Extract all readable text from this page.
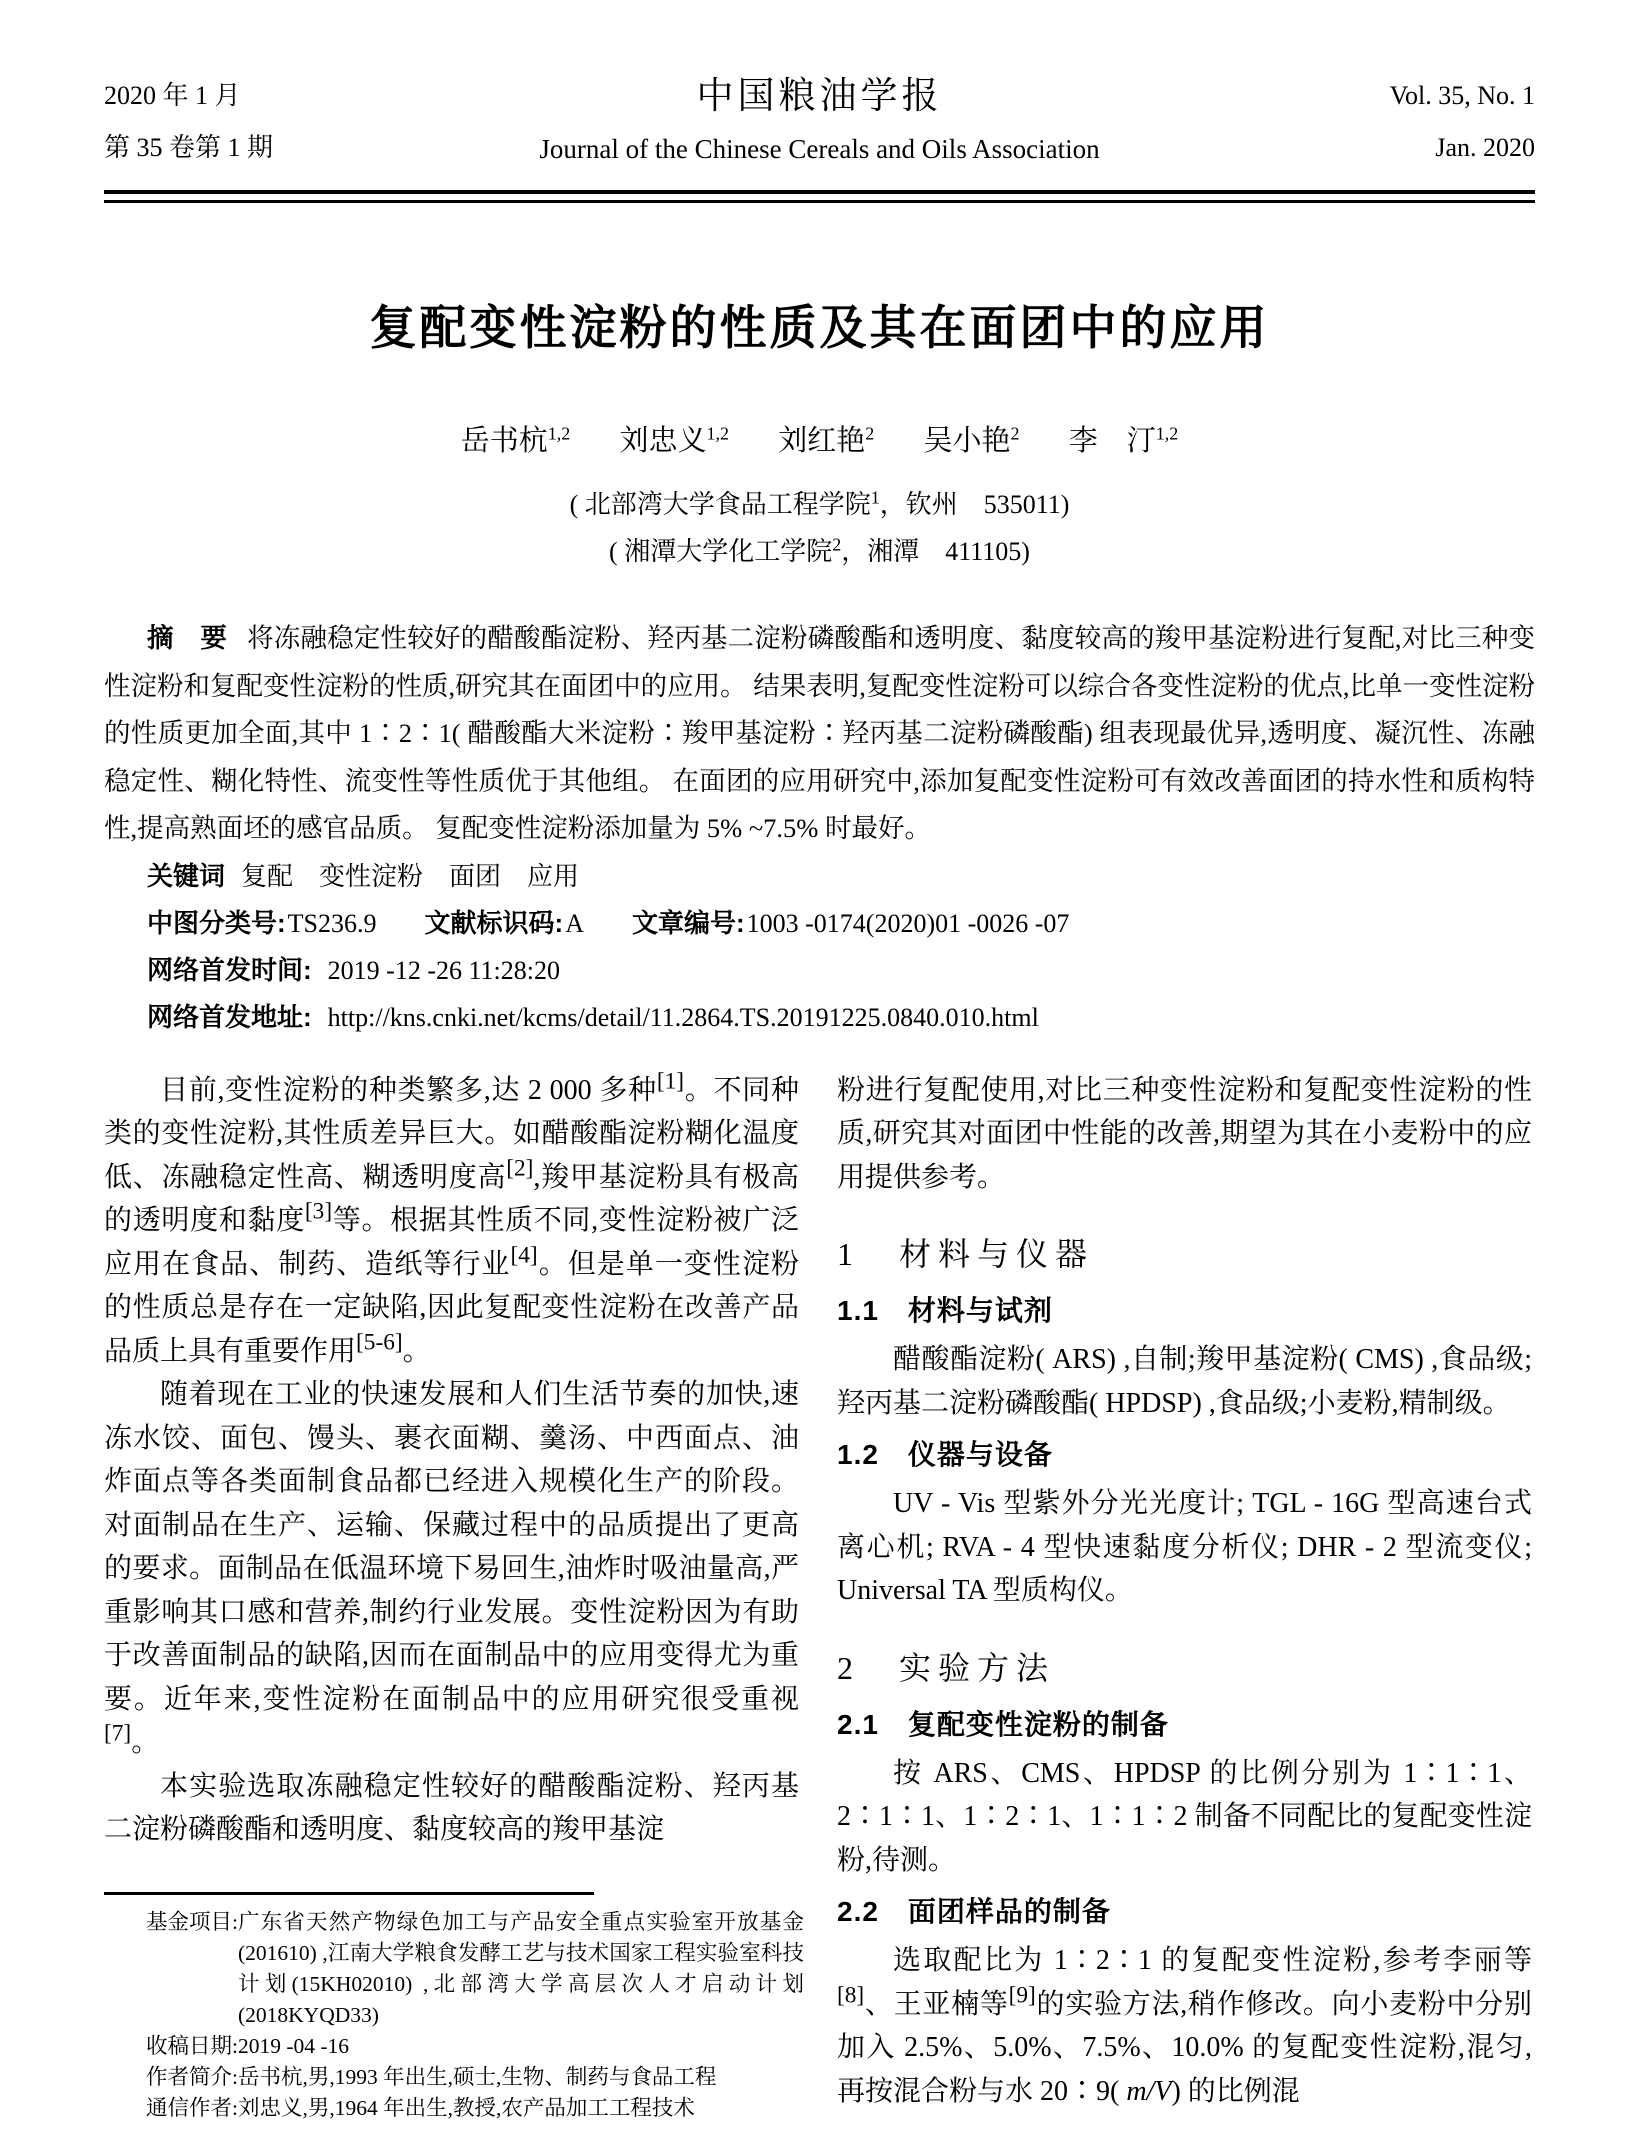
2020 年 1 月
第 35 卷第 1 期
中国粮油学报
Journal of the Chinese Cereals and Oils Association
Vol. 35, No. 1
Jan. 2020
复配变性淀粉的性质及其在面团中的应用
岳书杭$^{1,2}$ 刘忠义$^{1,2}$ 刘红艳$^2$ 吴小艳$^2$ 李　汀$^{1,2}$
( 北部湾大学食品工程学院$^1$，钦州　535011)
( 湘潭大学化工学院$^2$，湘潭　411105)

摘　要 将冻融稳定性较好的醋酸酯淀粉、羟丙基二淀粉磷酸酯和透明度、黏度较高的羧甲基淀粉进行复配,对比三种变性淀粉和复配变性淀粉的性质,研究其在面团中的应用。 结果表明,复配变性淀粉可以综合各变性淀粉的优点,比单一变性淀粉的性质更加全面,其中 1∶2∶1( 醋酸酯大米淀粉∶羧甲基淀粉∶羟丙基二淀粉磷酸酯) 组表现最优异,透明度、凝沉性、冻融稳定性、糊化特性、流变性等性质优于其他组。 在面团的应用研究中,添加复配变性淀粉可有效改善面团的持水性和质构特性,提高熟面坯的感官品质。 复配变性淀粉添加量为 5% ~7.5% 时最好。

关键词 复配　变性淀粉　面团　应用

中图分类号:TS236.9 文献标识码:A 文章编号:1003 -0174(2020)01 -0026 -07

网络首发时间: 2019 -12 -26 11:28:20

网络首发地址: http://kns.cnki.net/kcms/detail/11.2864.TS.20191225.0840.010.html

目前,变性淀粉的种类繁多,达 2 000 多种[1]。不同种类的变性淀粉,其性质差异巨大。如醋酸酯淀粉糊化温度低、冻融稳定性高、糊透明度高[2],羧甲基淀粉具有极高的透明度和黏度[3]等。根据其性质不同,变性淀粉被广泛应用在食品、制药、造纸等行业[4]。但是单一变性淀粉的性质总是存在一定缺陷,因此复配变性淀粉在改善产品品质上具有重要作用[5-6]。

随着现在工业的快速发展和人们生活节奏的加快,速冻水饺、面包、馒头、裹衣面糊、羹汤、中西面点、油炸面点等各类面制食品都已经进入规模化生产的阶段。对面制品在生产、运输、保藏过程中的品质提出了更高的要求。面制品在低温环境下易回生,油炸时吸油量高,严重影响其口感和营养,制约行业发展。变性淀粉因为有助于改善面制品的缺陷,因而在面制品中的应用变得尤为重要。近年来,变性淀粉在面制品中的应用研究很受重视[7]。

本实验选取冻融稳定性较好的醋酸酯淀粉、羟丙基二淀粉磷酸酯和透明度、黏度较高的羧甲基淀

粉进行复配使用,对比三种变性淀粉和复配变性淀粉的性质,研究其对面团中性能的改善,期望为其在小麦粉中的应用提供参考。

1　材料与仪器
1.1　材料与试剂

醋酸酯淀粉( ARS) ,自制;羧甲基淀粉( CMS) ,食品级;羟丙基二淀粉磷酸酯( HPDSP) ,食品级;小麦粉,精制级。

1.2　仪器与设备

UV - Vis 型紫外分光光度计; TGL - 16G 型高速台式离心机; RVA - 4 型快速黏度分析仪; DHR - 2 型流变仪; Universal TA 型质构仪。

2　实验方法
2.1　复配变性淀粉的制备

按 ARS、CMS、HPDSP 的比例分别为 1∶1∶1、2∶1∶1、1∶2∶1、1∶1∶2 制备不同配比的复配变性淀粉,待测。

2.2　面团样品的制备

选取配比为 1∶2∶1 的复配变性淀粉,参考李丽等[8]、王亚楠等[9]的实验方法,稍作修改。向小麦粉中分别加入 2.5%、5.0%、7.5%、10.0% 的复配变性淀粉,混匀,再按混合粉与水 20∶9( m/V) 的比例混

基金项目: 广东省天然产物绿色加工与产品安全重点实验室开放基金(201610) ,江南大学粮食发酵工艺与技术国家工程实验室科技计划(15KH02010) ,北部湾大学高层次人才启动计划(2018KYQD33)
收稿日期: 2019 -04 -16
作者简介: 岳书杭,男,1993 年出生,硕士,生物、制药与食品工程
通信作者: 刘忠义,男,1964 年出生,教授,农产品加工工程技术
